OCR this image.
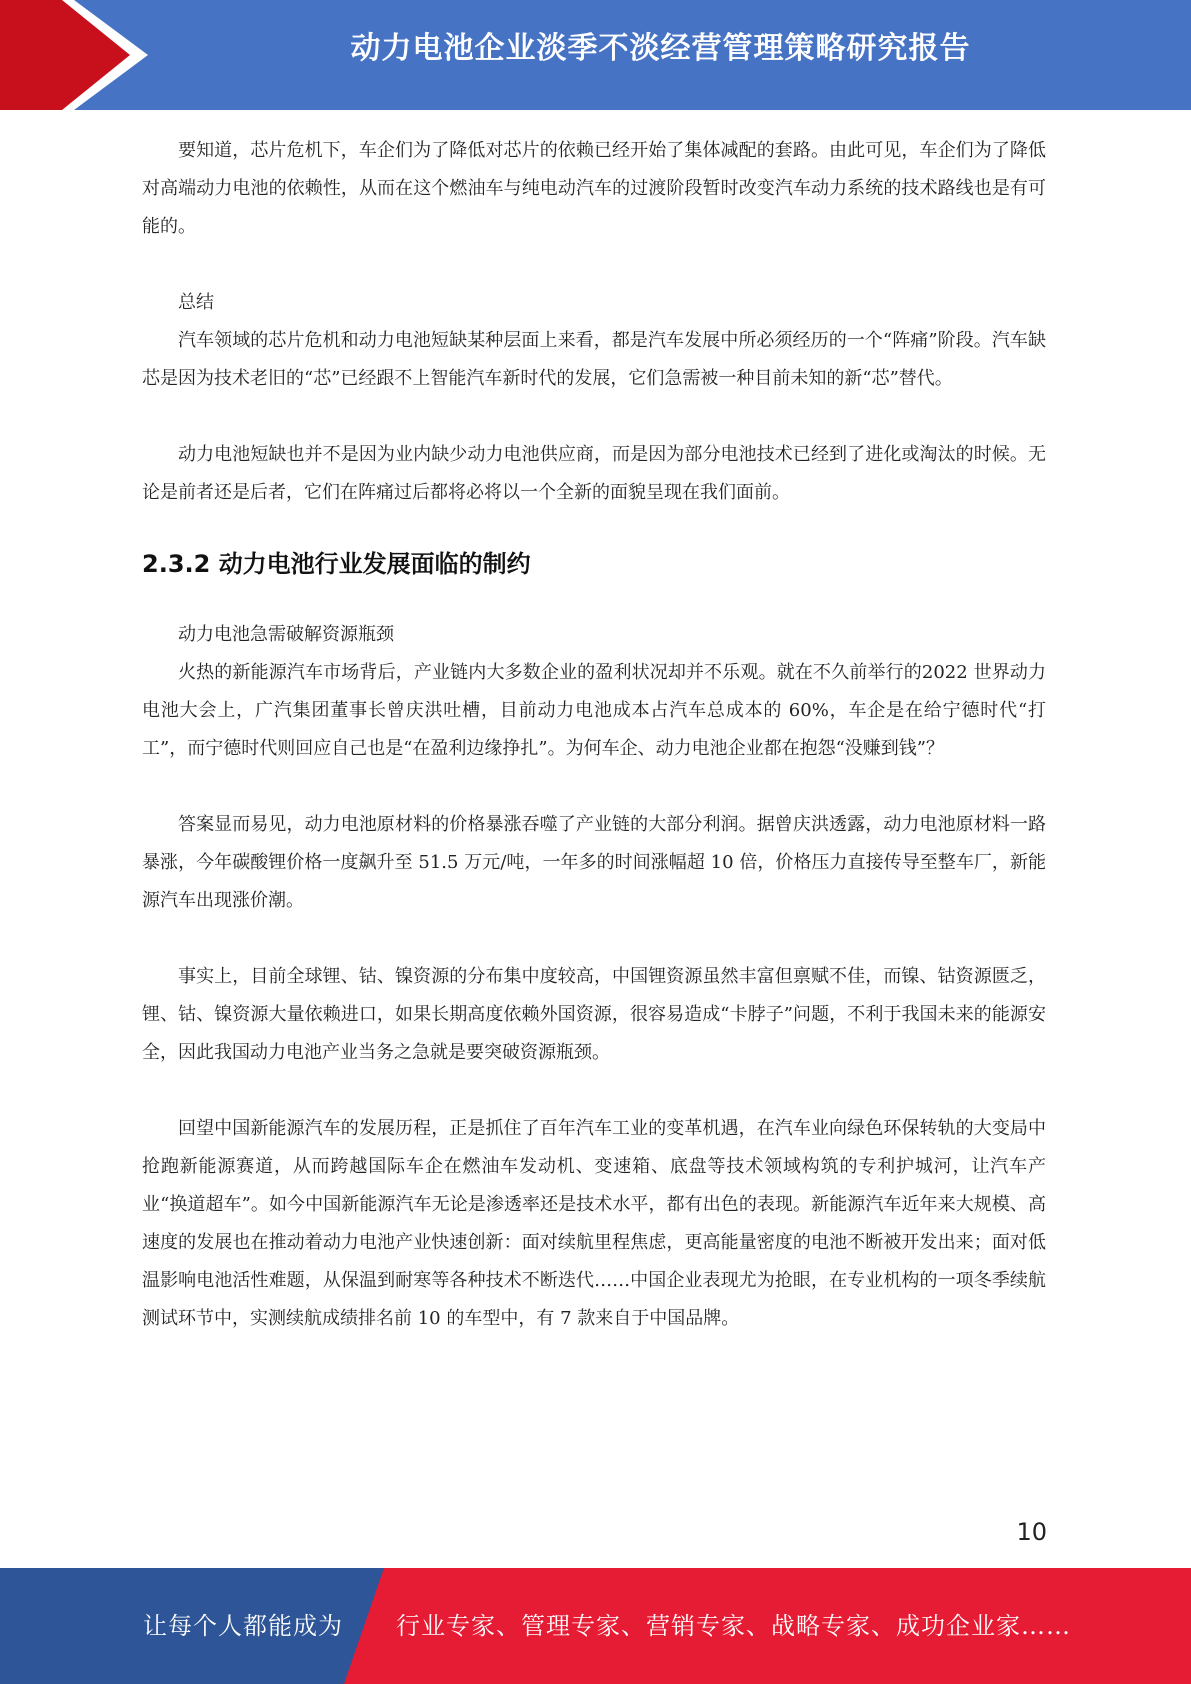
动力电池企业淡季不淡经营管理策略研究报告

要知道，芯片危机下，车企们为了降低对芯片的依赖已经开始了集体减配的套路。由此可见，车企们为了降低对高端动力电池的依赖性，从而在这个燃油车与纯电动汽车的过渡阶段暂时改变汽车动力系统的技术路线也是有可能的。

总结

汽车领域的芯片危机和动力电池短缺某种层面上来看，都是汽车发展中所必须经历的一个“阵痛”阶段。汽车缺芯是因为技术老旧的“芯”已经跟不上智能汽车新时代的发展，它们急需被一种目前未知的新“芯”替代。

动力电池短缺也并不是因为业内缺少动力电池供应商，而是因为部分电池技术已经到了进化或淘汰的时候。无论是前者还是后者，它们在阵痛过后都将必将以一个全新的面貌呈现在我们面前。

2.3.2 动力电池行业发展面临的制约

动力电池急需破解资源瓶颈

火热的新能源汽车市场背后，产业链内大多数企业的盈利状况却并不乐观。就在不久前举行的2022 世界动力电池大会上，广汽集团董事长曾庆洪吐槽，目前动力电池成本占汽车总成本的 60%，车企是在给宁德时代“打工”，而宁德时代则回应自己也是“在盈利边缘挣扎”。为何车企、动力电池企业都在抱怨“没赚到钱”？

答案显而易见，动力电池原材料的价格暴涨吞噬了产业链的大部分利润。据曾庆洪透露，动力电池原材料一路暴涨，今年碳酸锂价格一度飙升至 51.5 万元/吨，一年多的时间涨幅超 10 倍，价格压力直接传导至整车厂，新能源汽车出现涨价潮。

事实上，目前全球锂、钴、镍资源的分布集中度较高，中国锂资源虽然丰富但禀赋不佳，而镍、钴资源匮乏，锂、钴、镍资源大量依赖进口，如果长期高度依赖外国资源，很容易造成“卡脖子”问题，不利于我国未来的能源安全，因此我国动力电池产业当务之急就是要突破资源瓶颈。

回望中国新能源汽车的发展历程，正是抓住了百年汽车工业的变革机遇，在汽车业向绿色环保转轨的大变局中抢跑新能源赛道，从而跨越国际车企在燃油车发动机、变速箱、底盘等技术领域构筑的专利护城河，让汽车产业“换道超车”。如今中国新能源汽车无论是渗透率还是技术水平，都有出色的表现。新能源汽车近年来大规模、高速度的发展也在推动着动力电池产业快速创新：面对续航里程焦虑，更高能量密度的电池不断被开发出来；面对低温影响电池活性难题，从保温到耐寒等各种技术不断迭代……中国企业表现尤为抢眼，在专业机构的一项冬季续航测试环节中，实测续航成绩排名前 10 的车型中，有 7 款来自于中国品牌。

10
让每个人都能成为 行业专家、管理专家、营销专家、战略专家、成功企业家……
